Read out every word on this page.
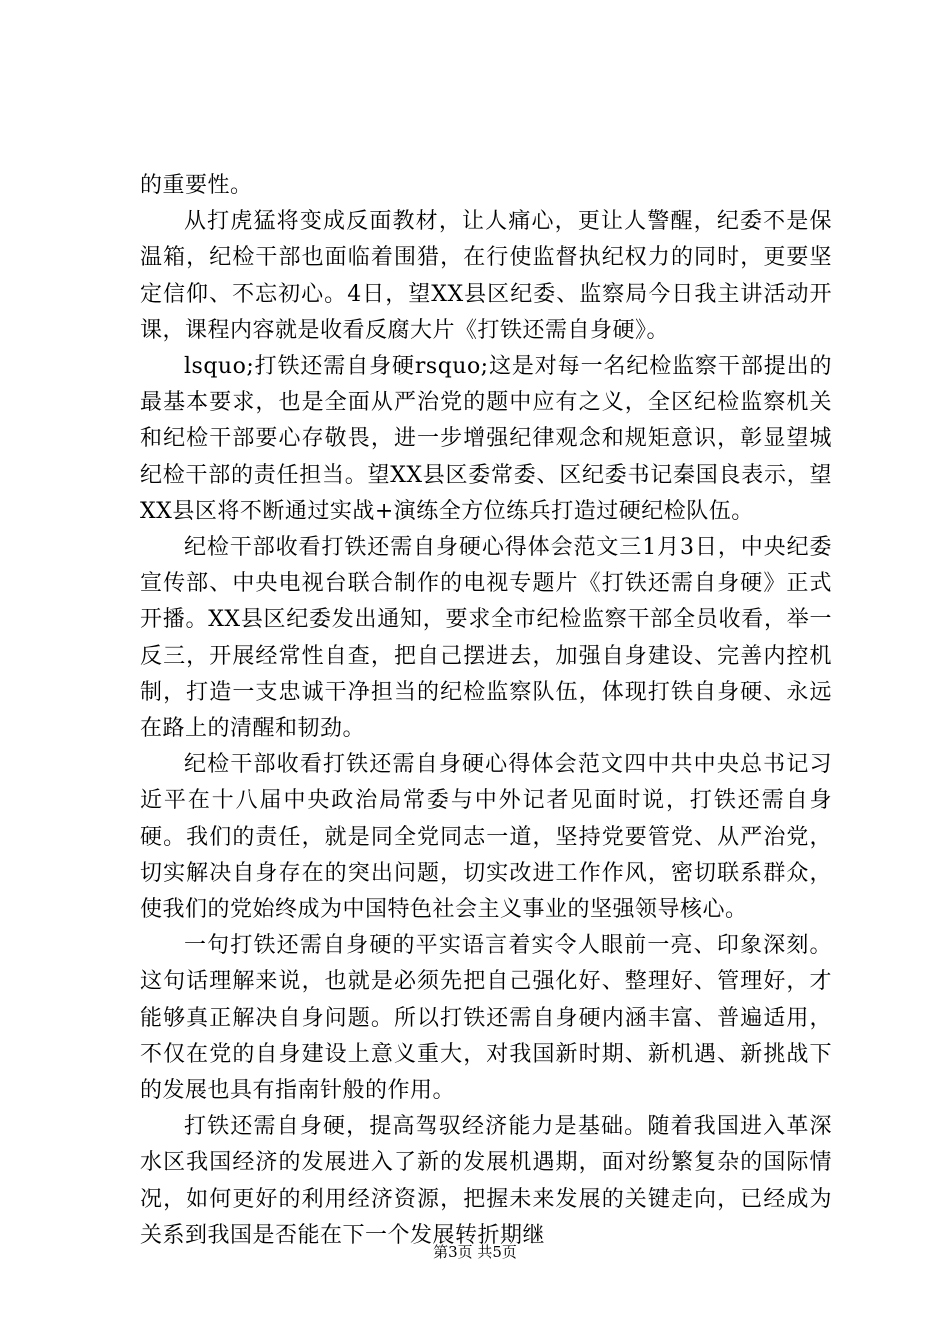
的重要性。

从打虎猛将变成反面教材，让人痛心，更让人警醒，纪委不是保温箱，纪检干部也面临着围猎，在行使监督执纪权力的同时，更要坚定信仰、不忘初心。4日，望XX县区纪委、监察局今日我主讲活动开课，课程内容就是收看反腐大片《打铁还需自身硬》。

lsquo;打铁还需自身硬rsquo;这是对每一名纪检监察干部提出的最基本要求，也是全面从严治党的题中应有之义，全区纪检监察机关和纪检干部要心存敬畏，进一步增强纪律观念和规矩意识，彰显望城纪检干部的责任担当。望XX县区委常委、区纪委书记秦国良表示，望XX县区将不断通过实战+演练全方位练兵打造过硬纪检队伍。

纪检干部收看打铁还需自身硬心得体会范文三1月3日，中央纪委宣传部、中央电视台联合制作的电视专题片《打铁还需自身硬》正式开播。XX县区纪委发出通知，要求全市纪检监察干部全员收看，举一反三，开展经常性自查，把自己摆进去，加强自身建设、完善内控机制，打造一支忠诚干净担当的纪检监察队伍，体现打铁自身硬、永远在路上的清醒和韧劲。

纪检干部收看打铁还需自身硬心得体会范文四中共中央总书记习近平在十八届中央政治局常委与中外记者见面时说，打铁还需自身硬。我们的责任，就是同全党同志一道，坚持党要管党、从严治党，切实解决自身存在的突出问题，切实改进工作作风，密切联系群众，使我们的党始终成为中国特色社会主义事业的坚强领导核心。

一句打铁还需自身硬的平实语言着实令人眼前一亮、印象深刻。这句话理解来说，也就是必须先把自己强化好、整理好、管理好，才能够真正解决自身问题。所以打铁还需自身硬内涵丰富、普遍适用，不仅在党的自身建设上意义重大，对我国新时期、新机遇、新挑战下的发展也具有指南针般的作用。

打铁还需自身硬，提高驾驭经济能力是基础。随着我国进入革深水区我国经济的发展进入了新的发展机遇期，面对纷繁复杂的国际情况，如何更好的利用经济资源，把握未来发展的关键走向，已经成为关系到我国是否能在下一个发展转折期继

第3页 共5页
